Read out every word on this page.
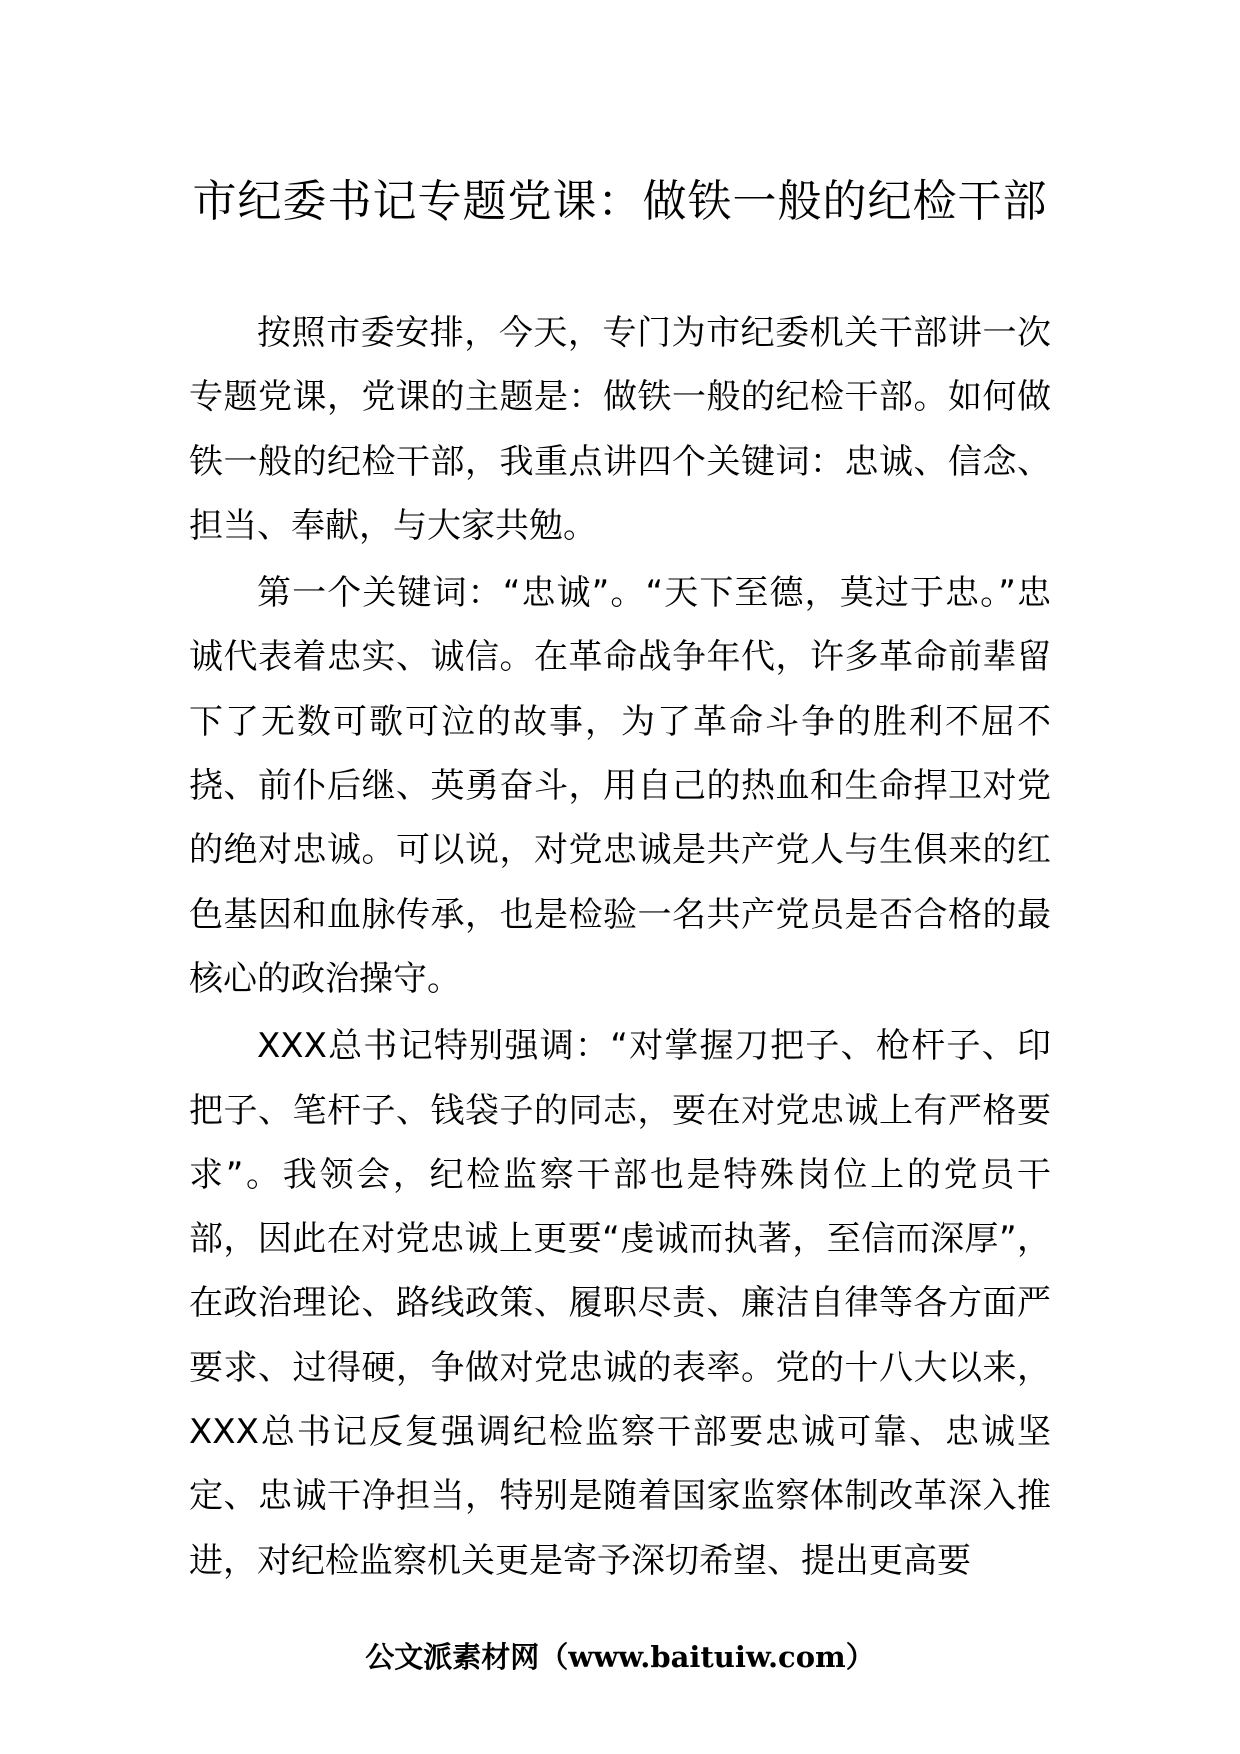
市纪委书记专题党课：做铁一般的纪检干部

按照市委安排，今天，专门为市纪委机关干部讲一次专题党课，党课的主题是：做铁一般的纪检干部。如何做铁一般的纪检干部，我重点讲四个关键词：忠诚、信念、担当、奉献，与大家共勉。

第一个关键词：“忠诚”。“天下至德，莫过于忠。”忠诚代表着忠实、诚信。在革命战争年代，许多革命前辈留下了无数可歌可泣的故事，为了革命斗争的胜利不屈不挠、前仆后继、英勇奋斗，用自己的热血和生命捍卫对党的绝对忠诚。可以说，对党忠诚是共产党人与生俱来的红色基因和血脉传承，也是检验一名共产党员是否合格的最核心的政治操守。

XXX总书记特别强调：“对掌握刀把子、枪杆子、印把子、笔杆子、钱袋子的同志，要在对党忠诚上有严格要求”。我领会，纪检监察干部也是特殊岗位上的党员干部，因此在对党忠诚上更要“虔诚而执著，至信而深厚”，在政治理论、路线政策、履职尽责、廉洁自律等各方面严要求、过得硬，争做对党忠诚的表率。党的十八大以来，XXX总书记反复强调纪检监察干部要忠诚可靠、忠诚坚定、忠诚干净担当，特别是随着国家监察体制改革深入推进，对纪检监察机关更是寄予深切希望、提出更高要

公文派素材网（www.baituiw.com）
